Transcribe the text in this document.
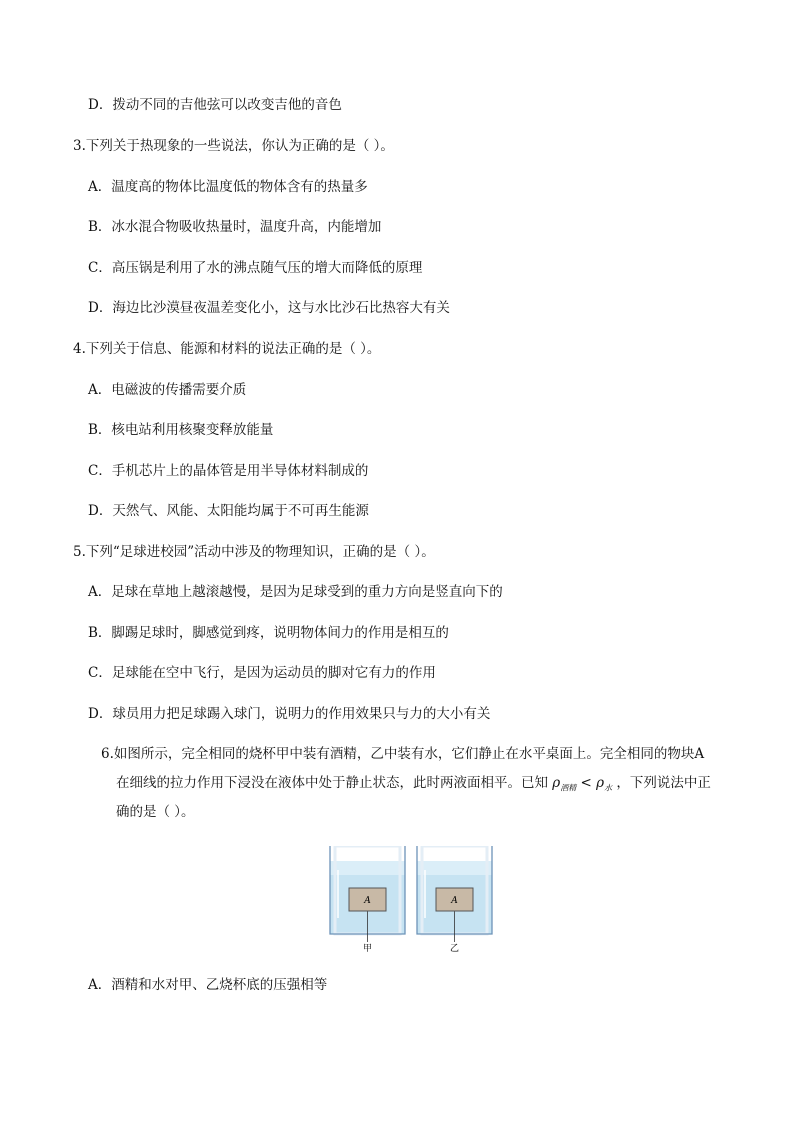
D．拨动不同的吉他弦可以改变吉他的音色
3.下列关于热现象的一些说法，你认为正确的是（ ）。
A．温度高的物体比温度低的物体含有的热量多
B．冰水混合物吸收热量时，温度升高，内能增加
C．高压锅是利用了水的沸点随气压的增大而降低的原理
D．海边比沙漠昼夜温差变化小，这与水比沙石比热容大有关
4.下列关于信息、能源和材料的说法正确的是（ ）。
A．电磁波的传播需要介质
B．核电站利用核聚变释放能量
C．手机芯片上的晶体管是用半导体材料制成的
D．天然气、风能、太阳能均属于不可再生能源
5.下列“足球进校园”活动中涉及的物理知识，正确的是（ ）。
A．足球在草地上越滚越慢，是因为足球受到的重力方向是竖直向下的
B．脚踢足球时，脚感觉到疼，说明物体间力的作用是相互的
C．足球能在空中飞行，是因为运动员的脚对它有力的作用
D．球员用力把足球踢入球门，说明力的作用效果只与力的大小有关
6.如图所示，完全相同的烧杯甲中装有酒精，乙中装有水，它们静止在水平桌面上。完全相同的物块A
在细线的拉力作用下浸没在液体中处于静止状态，此时两液面相平。已知 $\rho_{酒精} < \rho_水$ ，下列说法中正
确的是（ ）。
A
甲
A
乙
A．酒精和水对甲、乙烧杯底的压强相等
